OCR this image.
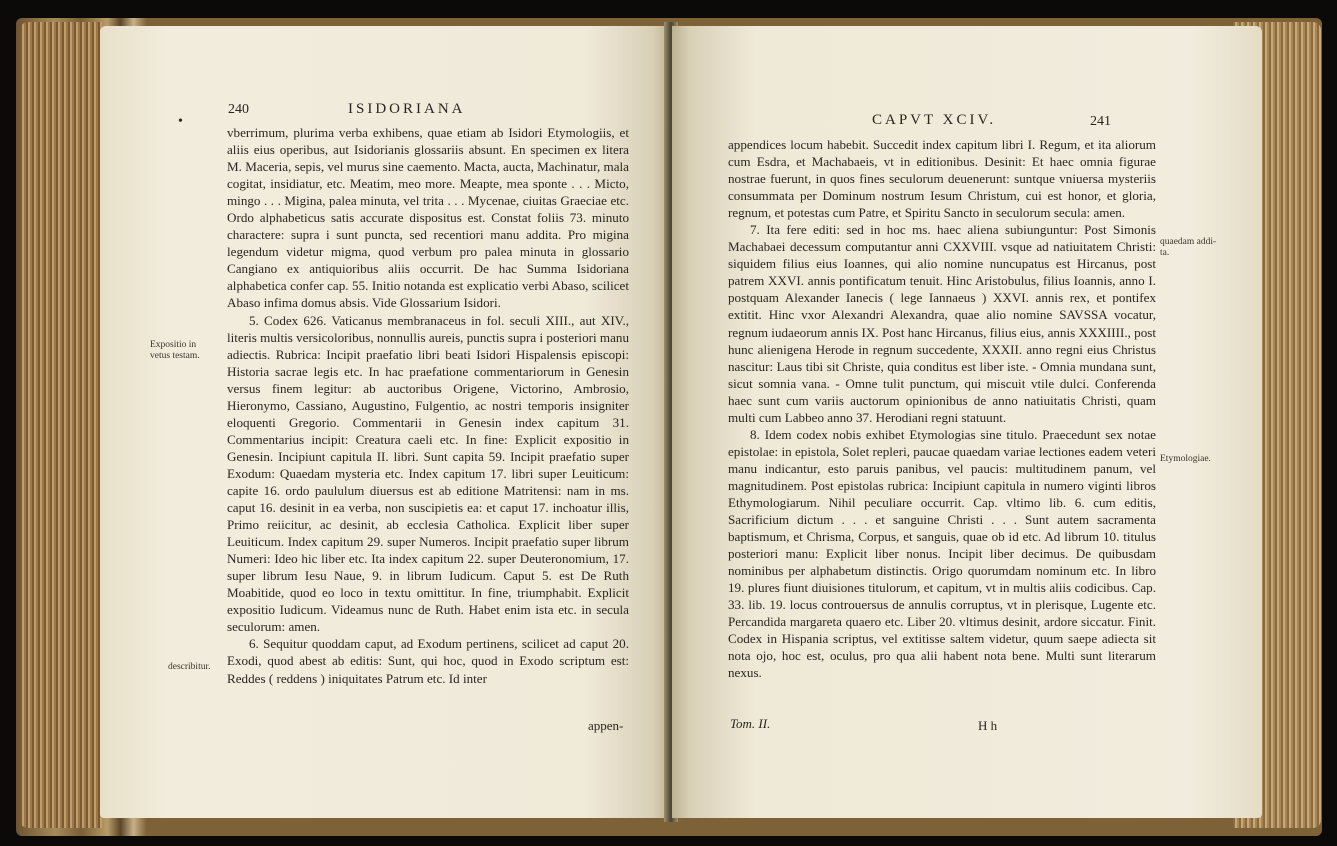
•
240	ISIDORIANA

vberrimum, plurima verba exhibens, quae etiam ab Isidori Etymologiis, et aliis eius operibus, aut Isidorianis glossariis absunt. En specimen ex litera M. Maceria, sepis, vel murus sine caemento. Macta, aucta, Machinatur, mala cogitat, insidiatur, etc. Meatim, meo more. Meapte, mea sponte . . . Micto, mingo . . . Migina, palea minuta, vel trita . . . Mycenae, ciuitas Graeciae etc. Ordo alphabeticus satis accurate dispositus est. Constat foliis 73. minuto charactere: supra i sunt puncta, sed recentiori manu addita. Pro migina legendum videtur migma, quod verbum pro palea minuta in glossario Cangiano ex antiquioribus aliis occurrit. De hac Summa Isidoriana alphabetica confer cap. 55. Initio notanda est explicatio verbi Abaso, scilicet Abaso infima domus absis. Vide Glossarium Isidori.

5. Codex 626. Vaticanus membranaceus in fol. seculi XIII., aut XIV., literis multis versicoloribus, nonnullis aureis, punctis supra i posteriori manu adiectis. Rubrica: Incipit praefatio libri beati Isidori Hispalensis episcopi: Historia sacrae legis etc. In hac praefatione commentariorum in Genesin versus finem legitur: ab auctoribus Origene, Victorino, Ambrosio, Hieronymo, Cassiano, Augustino, Fulgentio, ac nostri temporis insigniter eloquenti Gregorio. Commentarii in Genesin index capitum 31. Commentarius incipit: Creatura caeli etc. In fine: Explicit expositio in Genesin. Incipiunt capitula II. libri. Sunt capita 59. Incipit praefatio super Exodum: Quaedam mysteria etc. Index capitum 17. libri super Leuiticum: capite 16. ordo paululum diuersus est ab editione Matritensi: nam in ms. caput 16. desinit in ea verba, non suscipietis ea: et caput 17. inchoatur illis, Primo reiicitur, ac desinit, ab ecclesia Catholica. Explicit liber super Leuiticum. Index capitum 29. super Numeros. Incipit praefatio super librum Numeri: Ideo hic liber etc. Ita index capitum 22. super Deuteronomium, 17. super librum Iesu Naue, 9. in librum Iudicum. Caput 5. est De Ruth Moabitide, quod eo loco in textu omittitur. In fine, triumphabit. Explicit expositio Iudicum. Videamus nunc de Ruth. Habet enim ista etc. in secula seculorum: amen.

6. Sequitur quoddam caput, ad Exodum pertinens, scilicet ad caput 20. Exodi, quod abest ab editis: Sunt, qui hoc, quod in Exodo scriptum est: Reddes ( reddens ) iniquitates Patrum etc. Id inter

appen-
Expositio in
vetus testam.
describitur.
CAPVT XCIV.	241

appendices locum habebit. Succedit index capitum libri I. Regum, et ita aliorum cum Esdra, et Machabaeis, vt in editionibus. Desinit: Et haec omnia figurae nostrae fuerunt, in quos fines seculorum deuenerunt: suntque vniuersa mysteriis consummata per Dominum nostrum Iesum Christum, cui est honor, et gloria, regnum, et potestas cum Patre, et Spiritu Sancto in seculorum secula: amen.

7. Ita fere editi: sed in hoc ms. haec aliena subiunguntur: Post Simonis Machabaei decessum computantur anni CXXVIII. vsque ad natiuitatem Christi: siquidem filius eius Ioannes, qui alio nomine nuncupatus est Hircanus, post patrem XXVI. annis pontificatum tenuit. Hinc Aristobulus, filius Ioannis, anno I. postquam Alexander Ianecis ( lege Iannaeus ) XXVI. annis rex, et pontifex extitit. Hinc vxor Alexandri Alexandra, quae alio nomine SAVSSA vocatur, regnum iudaeorum annis IX. Post hanc Hircanus, filius eius, annis XXXIIII., post hunc alienigena Herode in regnum succedente, XXXII. anno regni eius Christus nascitur: Laus tibi sit Christe, quia conditus est liber iste. - Omnia mundana sunt, sicut somnia vana. - Omne tulit punctum, qui miscuit vtile dulci. Conferenda haec sunt cum variis auctorum opinionibus de anno natiuitatis Christi, quam multi cum Labbeo anno 37. Herodiani regni statuunt.

8. Idem codex nobis exhibet Etymologias sine titulo. Praecedunt sex notae epistolae: in epistola, Solet repleri, paucae quaedam variae lectiones eadem veteri manu indicantur, esto paruis panibus, vel paucis: multitudinem panum, vel magnitudinem. Post epistolas rubrica: Incipiunt capitula in numero viginti libros Ethymologiarum. Nihil peculiare occurrit. Cap. vltimo lib. 6. cum editis, Sacrificium dictum . . . et sanguine Christi . . . Sunt autem sacramenta baptismum, et Chrisma, Corpus, et sanguis, quae ob id etc. Ad librum 10. titulus posteriori manu: Explicit liber nonus. Incipit liber decimus. De quibusdam nominibus per alphabetum distinctis. Origo quorumdam nominum etc. In libro 19. plures fiunt diuisiones titulorum, et capitum, vt in multis aliis codicibus. Cap. 33. lib. 19. locus controuersus de annulis corruptus, vt in plerisque, Lugente etc. Percandida margareta quaero etc. Liber 20. vltimus desinit, ardore siccatur. Finit. Codex in Hispania scriptus, vel extitisse saltem videtur, quum saepe adiecta sit nota ojo, hoc est, oculus, pro qua alii habent nota bene. Multi sunt literarum nexus.

Tom. II.	H h
quaedam addi-
ta.
Etymologiae.
